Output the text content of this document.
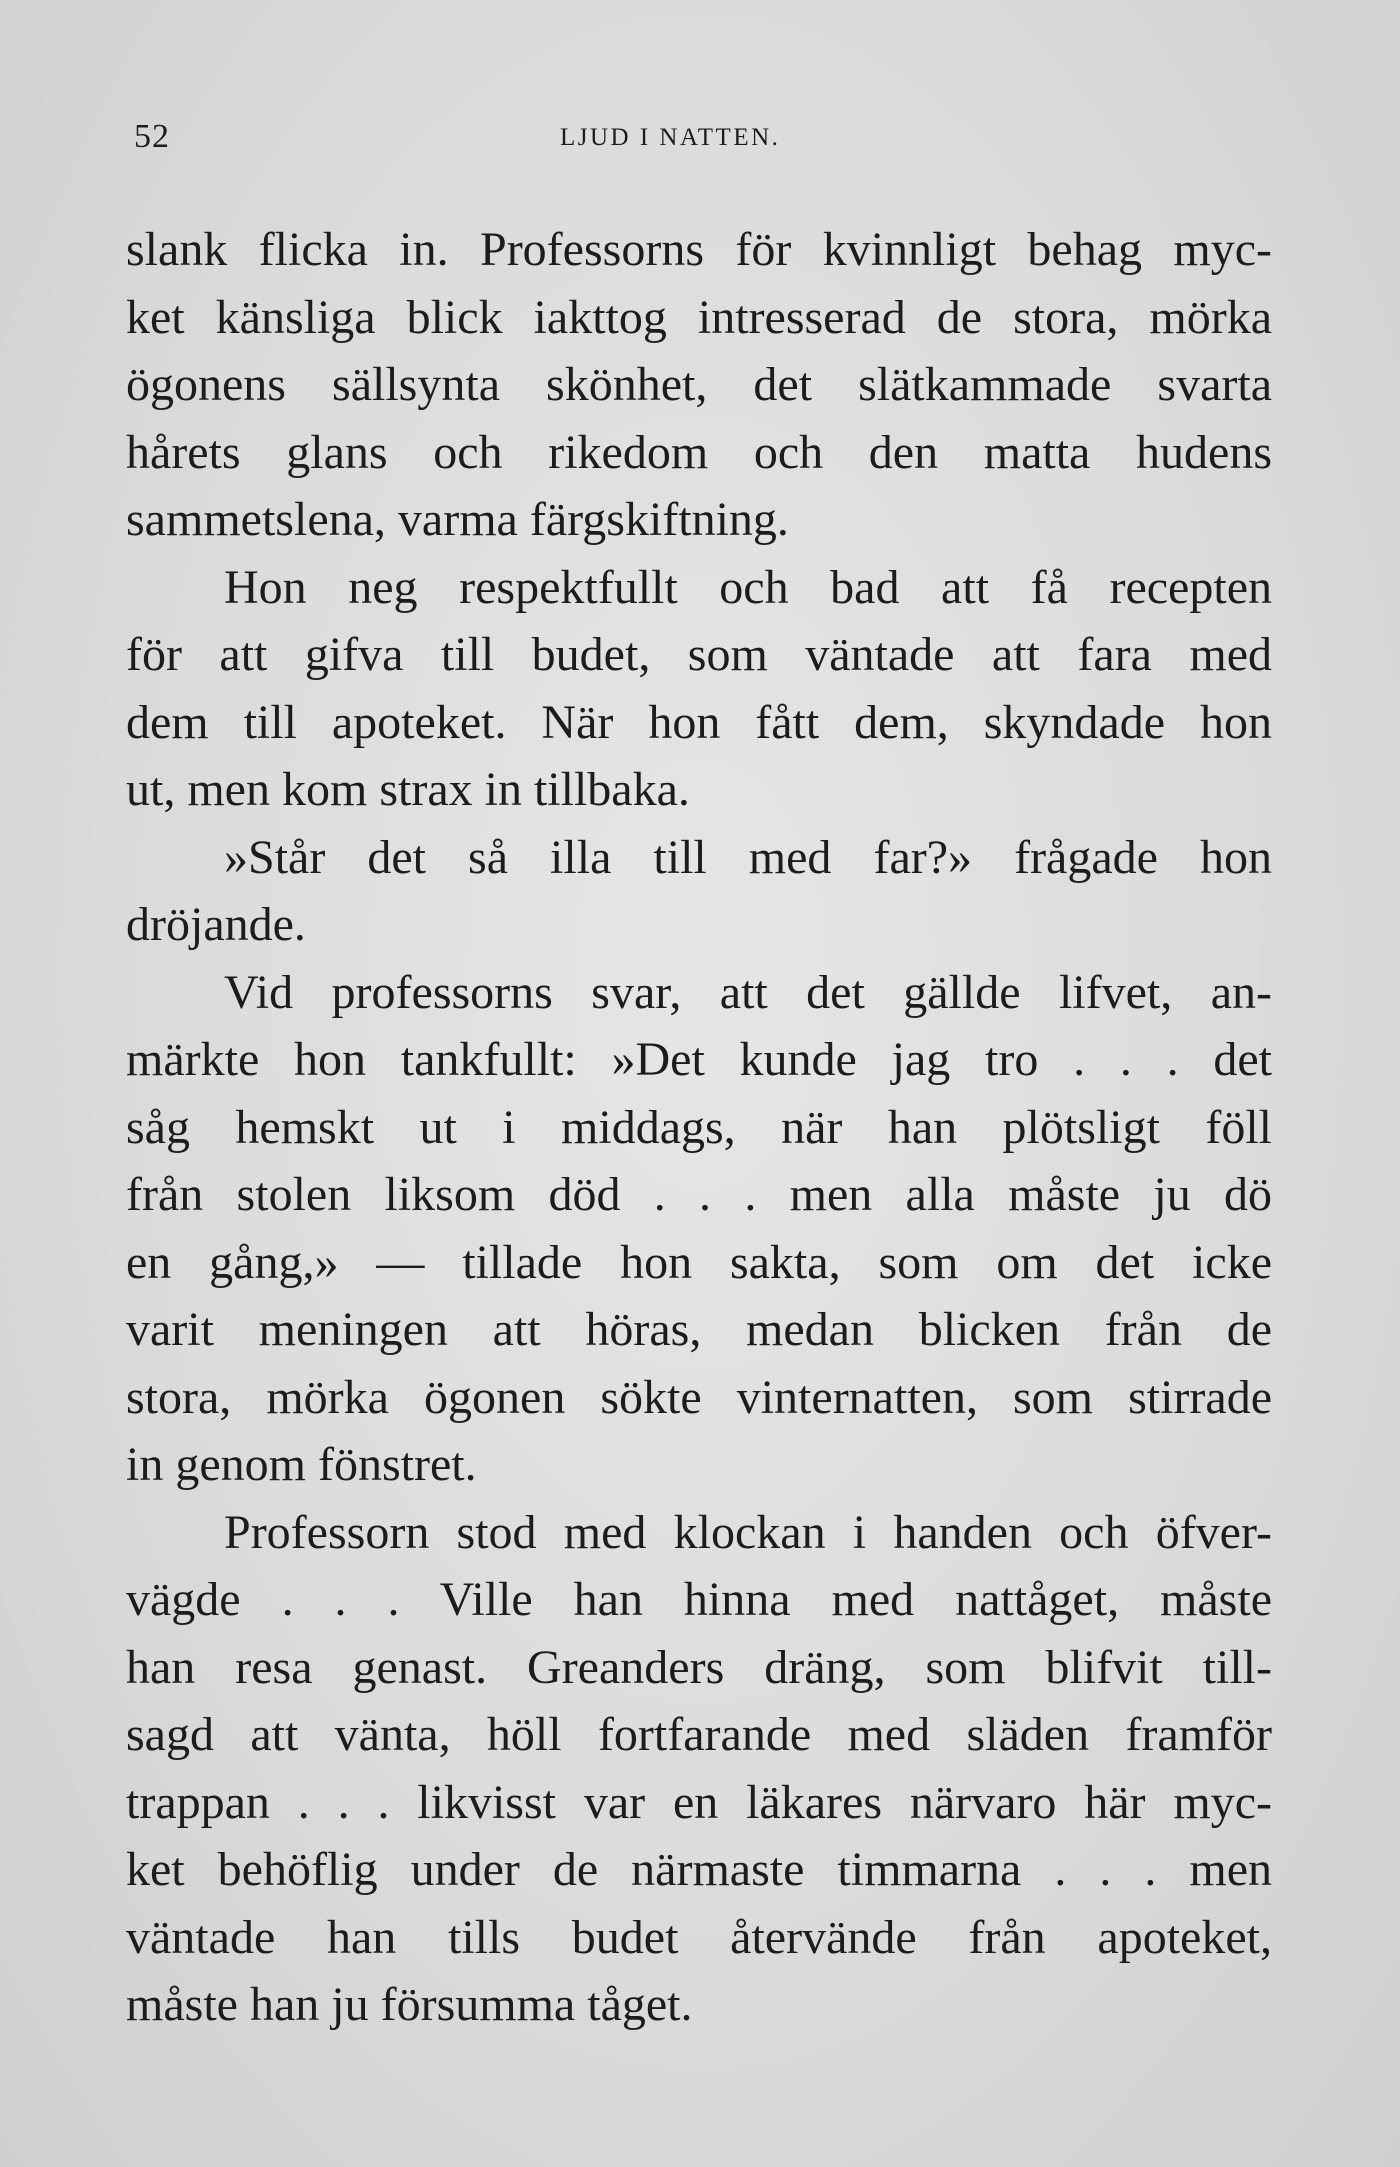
52	LJUD I NATTEN.
slank flicka in. Professorns för kvinnligt behag myc-
ket känsliga blick iakttog intresserad de stora, mörka
ögonens sällsynta skönhet, det slätkammade svarta
hårets glans och rikedom och den matta hudens
sammetslena, varma färgskiftning.
Hon neg respektfullt och bad att få recepten
för att gifva till budet, som väntade att fara med
dem till apoteket. När hon fått dem, skyndade hon
ut, men kom strax in tillbaka.
»Står det så illa till med far?» frågade hon
dröjande.
Vid professorns svar, att det gällde lifvet, an-
märkte hon tankfullt: »Det kunde jag tro . . . det
såg hemskt ut i middags, när han plötsligt föll
från stolen liksom död . . . men alla måste ju dö
en gång,» — tillade hon sakta, som om det icke
varit meningen att höras, medan blicken från de
stora, mörka ögonen sökte vinternatten, som stirrade
in genom fönstret.
Professorn stod med klockan i handen och öfver-
vägde . . . Ville han hinna med nattåget, måste
han resa genast. Greanders dräng, som blifvit till-
sagd att vänta, höll fortfarande med släden framför
trappan . . . likvisst var en läkares närvaro här myc-
ket behöflig under de närmaste timmarna . . . men
väntade han tills budet återvände från apoteket,
måste han ju försumma tåget.
